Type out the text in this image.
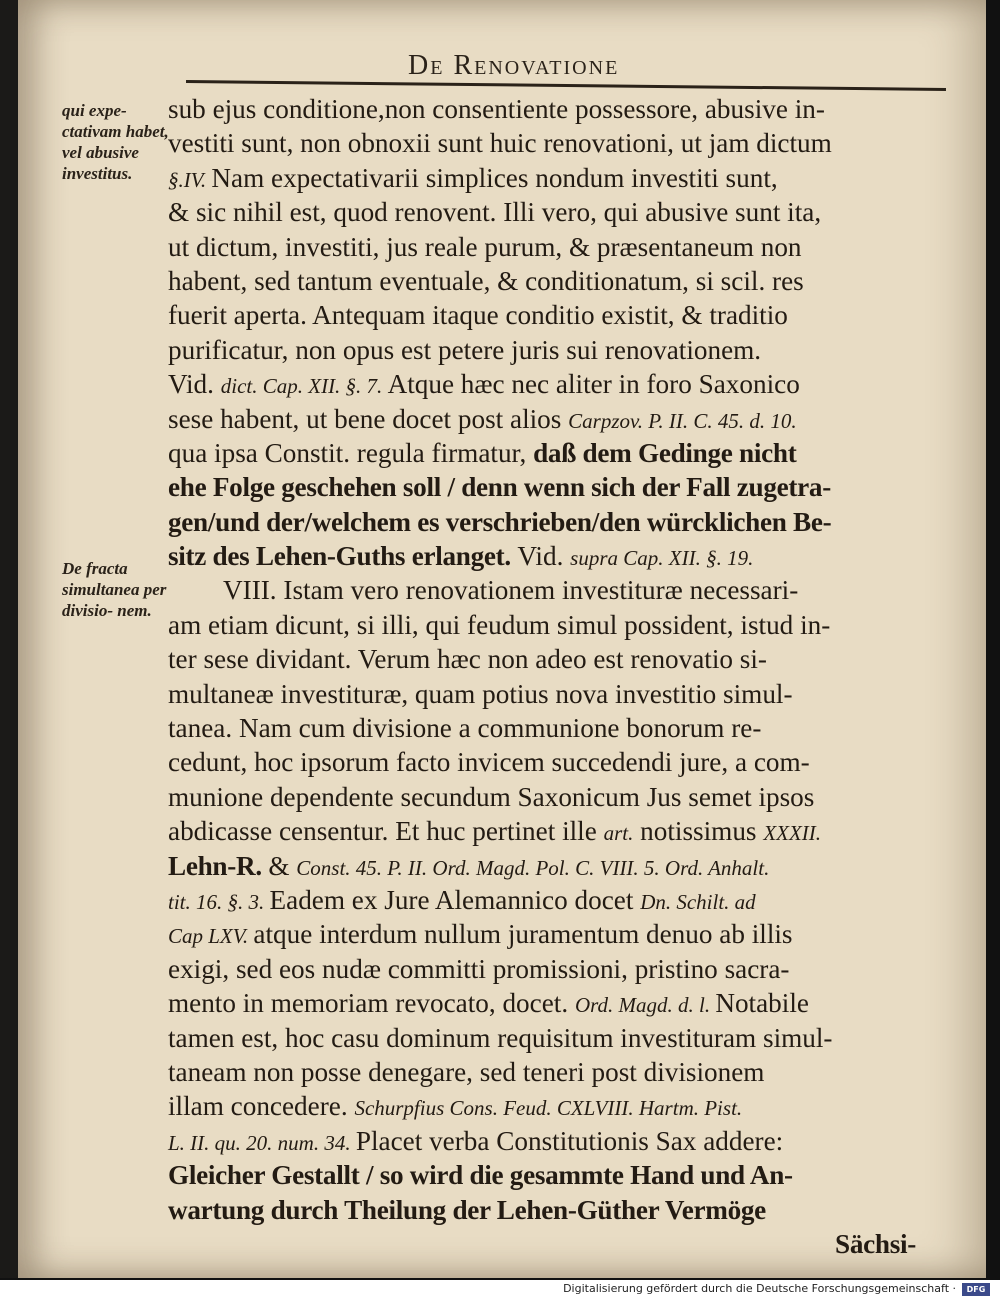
De Renovatione
qui expe- ctativam habet, vel abusive investitus.
De fracta simultanea per divisio- nem.
sub ejus conditione,non consentiente possessore, abusive in-
vestiti sunt, non obnoxii sunt huic renovationi, ut jam dictum
§.IV. Nam expectativarii simplices nondum investiti sunt,
& sic nihil est, quod renovent. Illi vero, qui abusive sunt ita,
ut dictum, investiti, jus reale purum, & præsentaneum non
habent, sed tantum eventuale, & conditionatum, si scil. res
fuerit aperta. Antequam itaque conditio existit, & traditio
purificatur, non opus est petere juris sui renovationem.
Vid. dict. Cap. XII. §. 7. Atque hæc nec aliter in foro Saxonico
sese habent, ut bene docet post alios Carpzov. P. II. C. 45. d. 10.
qua ipsa Constit. regula firmatur, daß dem Gedinge nicht
ehe Folge geschehen soll / denn wenn sich der Fall zugetra-
gen/und der/welchem es verschrieben/den würcklichen Be-
sitz des Lehen-Guths erlanget. Vid. supra Cap. XII. §. 19.
VIII. Istam vero renovationem investituræ necessari-
am etiam dicunt, si illi, qui feudum simul possident, istud in-
ter sese dividant. Verum hæc non adeo est renovatio si-
multaneæ investituræ, quam potius nova investitio simul-
tanea. Nam cum divisione a communione bonorum re-
cedunt, hoc ipsorum facto invicem succedendi jure, a com-
munione dependente secundum Saxonicum Jus semet ipsos
abdicasse censentur. Et huc pertinet ille art. notissimus XXXII.
Lehn-R. & Const. 45. P. II. Ord. Magd. Pol. C. VIII. 5. Ord. Anhalt.
tit. 16. §. 3. Eadem ex Jure Alemannico docet Dn. Schilt. ad
Cap LXV. atque interdum nullum juramentum denuo ab illis
exigi, sed eos nudæ committi promissioni, pristino sacra-
mento in memoriam revocato, docet. Ord. Magd. d. l. Notabile
tamen est, hoc casu dominum requisitum investituram simul-
taneam non posse denegare, sed teneri post divisionem
illam concedere. Schurpfius Cons. Feud. CXLVIII. Hartm. Pist.
L. II. qu. 20. num. 34. Placet verba Constitutionis Sax addere:
Gleicher Gestallt / so wird die gesammte Hand und An-
wartung durch Theilung der Lehen-Güther Vermöge
Sächsi-
Digitalisierung gefördert durch die Deutsche Forschungsgemeinschaft ·	DFG
